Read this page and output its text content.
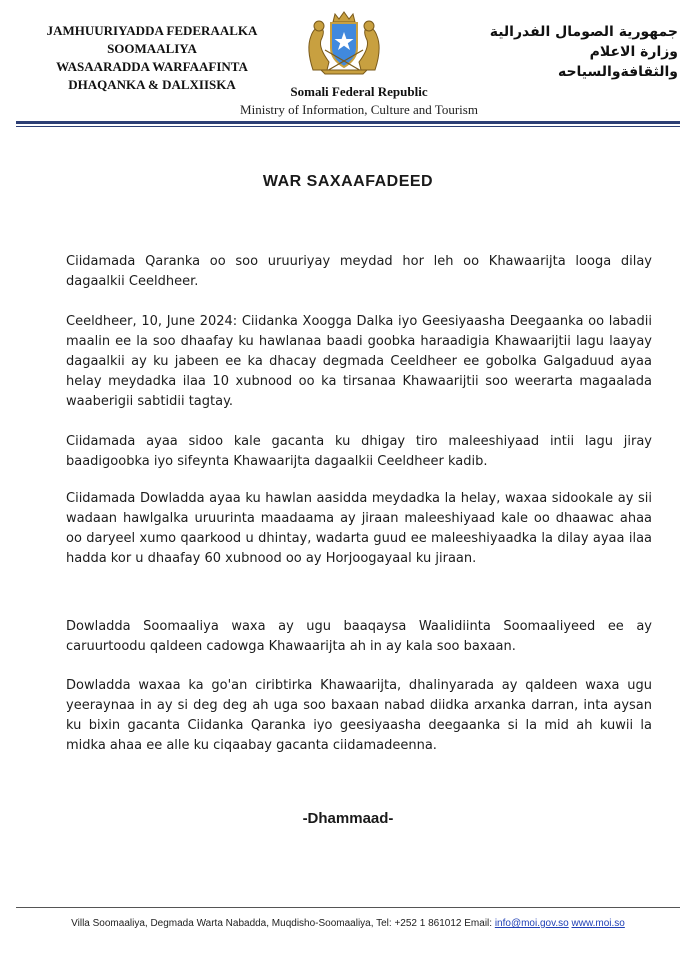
JAMHUURIYADDA FEDERAALKA
SOOMAALIYA
WASAARADDA WARFAAFINTA
DHAQANKA & DALXIISKA
جمهورية الصومال الفدرالية
وزارة الاعلام
والثقافةوالسياحه
Somali Federal Republic
Ministry of Information, Culture and Tourism
WAR SAXAAFADEED

Ciidamada Qaranka oo soo uruuriyay meydad hor leh oo Khawaarijta looga dilay dagaalkii Ceeldheer.

Ceeldheer, 10, June 2024: Ciidanka Xoogga Dalka iyo Geesiyaasha Deegaanka oo labadii maalin ee la soo dhaafay ku hawlanaa baadi goobka haraadigia Khawaarijtii lagu laayay dagaalkii ay ku jabeen ee ka dhacay degmada Ceeldheer ee gobolka Galgaduud ayaa helay meydadka ilaa 10 xubnood oo ka tirsanaa Khawaarijtii soo weerarta magaalada waaberigii sabtidii tagtay.

Ciidamada ayaa sidoo kale gacanta ku dhigay tiro maleeshiyaad intii lagu jiray baadigoobka iyo sifeynta Khawaarijta dagaalkii Ceeldheer kadib.

Ciidamada Dowladda ayaa ku hawlan aasidda meydadka la helay, waxaa sidookale ay sii wadaan hawlgalka uruurinta maadaama ay jiraan maleeshiyaad kale oo dhaawac ahaa oo daryeel xumo qaarkood u dhintay, wadarta guud ee maleeshiyaadka la dilay ayaa ilaa hadda kor u dhaafay 60 xubnood oo ay Horjoogayaal ku jiraan.

Dowladda Soomaaliya waxa ay ugu baaqaysa Waalidiinta Soomaaliyeed ee ay caruurtoodu qaldeen cadowga Khawaarijta ah in ay kala soo baxaan.

Dowladda waxaa ka go'an ciribtirka Khawaarijta, dhalinyarada ay qaldeen waxa ugu yeeraynaa in ay si deg deg ah uga soo baxaan nabad diidka arxanka darran, inta aysan ku bixin gacanta Ciidanka Qaranka iyo geesiyaasha deegaanka si la mid ah kuwii la midka ahaa ee alle ku ciqaabay gacanta ciidamadeenna.

-Dhammaad-
Villa Soomaaliya, Degmada Warta Nabadda, Muqdisho-Soomaaliya, Tel: +252 1 861012 Email: info@moi.gov.so www.moi.so
